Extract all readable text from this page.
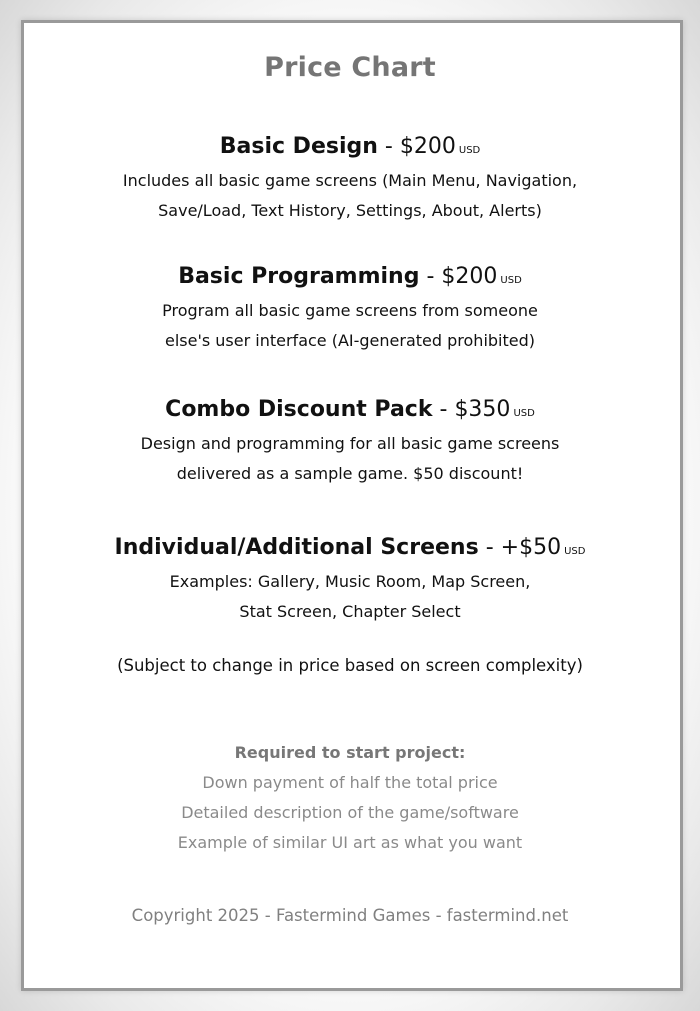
Price Chart
Basic Design - $200 USD
Includes all basic game screens (Main Menu, Navigation,
Save/Load, Text History, Settings, About, Alerts)
Basic Programming - $200 USD
Program all basic game screens from someone
else's user interface (AI-generated prohibited)
Combo Discount Pack - $350 USD
Design and programming for all basic game screens
delivered as a sample game. $50 discount!
Individual/Additional Screens - +$50 USD
Examples: Gallery, Music Room, Map Screen,
Stat Screen, Chapter Select
(Subject to change in price based on screen complexity)
Required to start project:
Down payment of half the total price
Detailed description of the game/software
Example of similar UI art as what you want
Copyright 2025 - Fastermind Games - fastermind.net
